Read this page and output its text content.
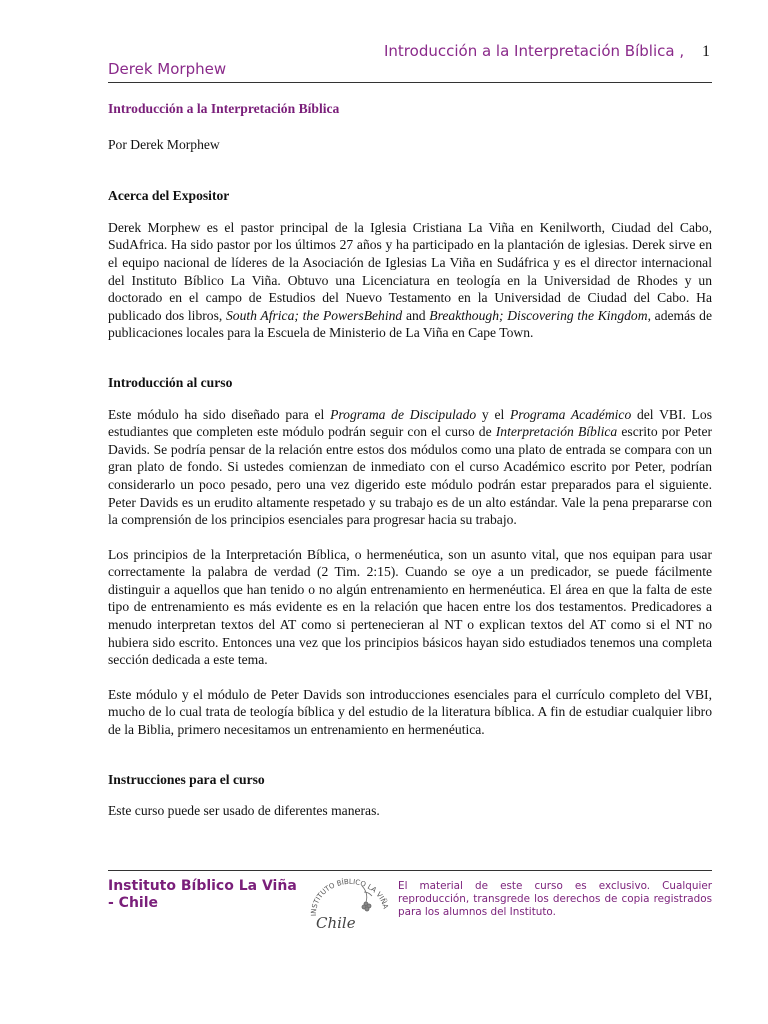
Introducción a la Interpretación Bíblica , 1
Derek Morphew
Introducción a la Interpretación Bíblica
Por Derek Morphew
Acerca del Expositor

Derek Morphew es el pastor principal de la Iglesia Cristiana La Viña en Kenilworth, Ciudad del Cabo, SudAfrica. Ha sido pastor por los últimos 27 años y ha participado en la plantación de iglesias. Derek sirve en el equipo nacional de líderes de la Asociación de Iglesias La Viña en Sudáfrica y es el director internacional del Instituto Bíblico La Viña. Obtuvo una Licenciatura en teología en la Universidad de Rhodes y un doctorado en el campo de Estudios del Nuevo Testamento en la Universidad de Ciudad del Cabo. Ha publicado dos libros, South Africa; the PowersBehind and Breakthough; Discovering the Kingdom, además de publicaciones locales para la Escuela de Ministerio de La Viña en Cape Town.

Introducción al curso

Este módulo ha sido diseñado para el Programa de Discipulado y el Programa Académico del VBI. Los estudiantes que completen este módulo podrán seguir con el curso de Interpretación Bíblica escrito por Peter Davids. Se podría pensar de la relación entre estos dos módulos como una plato de entrada se compara con un gran plato de fondo. Si ustedes comienzan de inmediato con el curso Académico escrito por Peter, podrían considerarlo un poco pesado, pero una vez digerido este módulo podrán estar preparados para el siguiente. Peter Davids es un erudito altamente respetado y su trabajo es de un alto estándar. Vale la pena prepararse con la comprensión de los principios esenciales para progresar hacia su trabajo.

Los principios de la Interpretación Bíblica, o hermenéutica, son un asunto vital, que nos equipan para usar correctamente la palabra de verdad (2 Tim. 2:15). Cuando se oye a un predicador, se puede fácilmente distinguir a aquellos que han tenido o no algún entrenamiento en hermenéutica. El área en que la falta de este tipo de entrenamiento es más evidente es en la relación que hacen entre los dos testamentos. Predicadores a menudo interpretan textos del AT como si pertenecieran al NT o explican textos del AT como si el NT no hubiera sido escrito. Entonces una vez que los principios básicos hayan sido estudiados tenemos una completa sección dedicada a este tema.

Este módulo y el módulo de Peter Davids son introducciones esenciales para el currículo completo del VBI, mucho de lo cual trata de teología bíblica y del estudio de la literatura bíblica. A fin de estudiar cualquier libro de la Biblia, primero necesitamos un entrenamiento en hermenéutica.

Instrucciones para el curso

Este curso puede ser usado de diferentes maneras.

Instituto Bíblico La Viña - Chile
INSTITUTO BÍBLICO LA VIÑA
Chile
El material de este curso es exclusivo. Cualquier reproducción, transgrede los derechos de copia registrados para los alumnos del Instituto.
